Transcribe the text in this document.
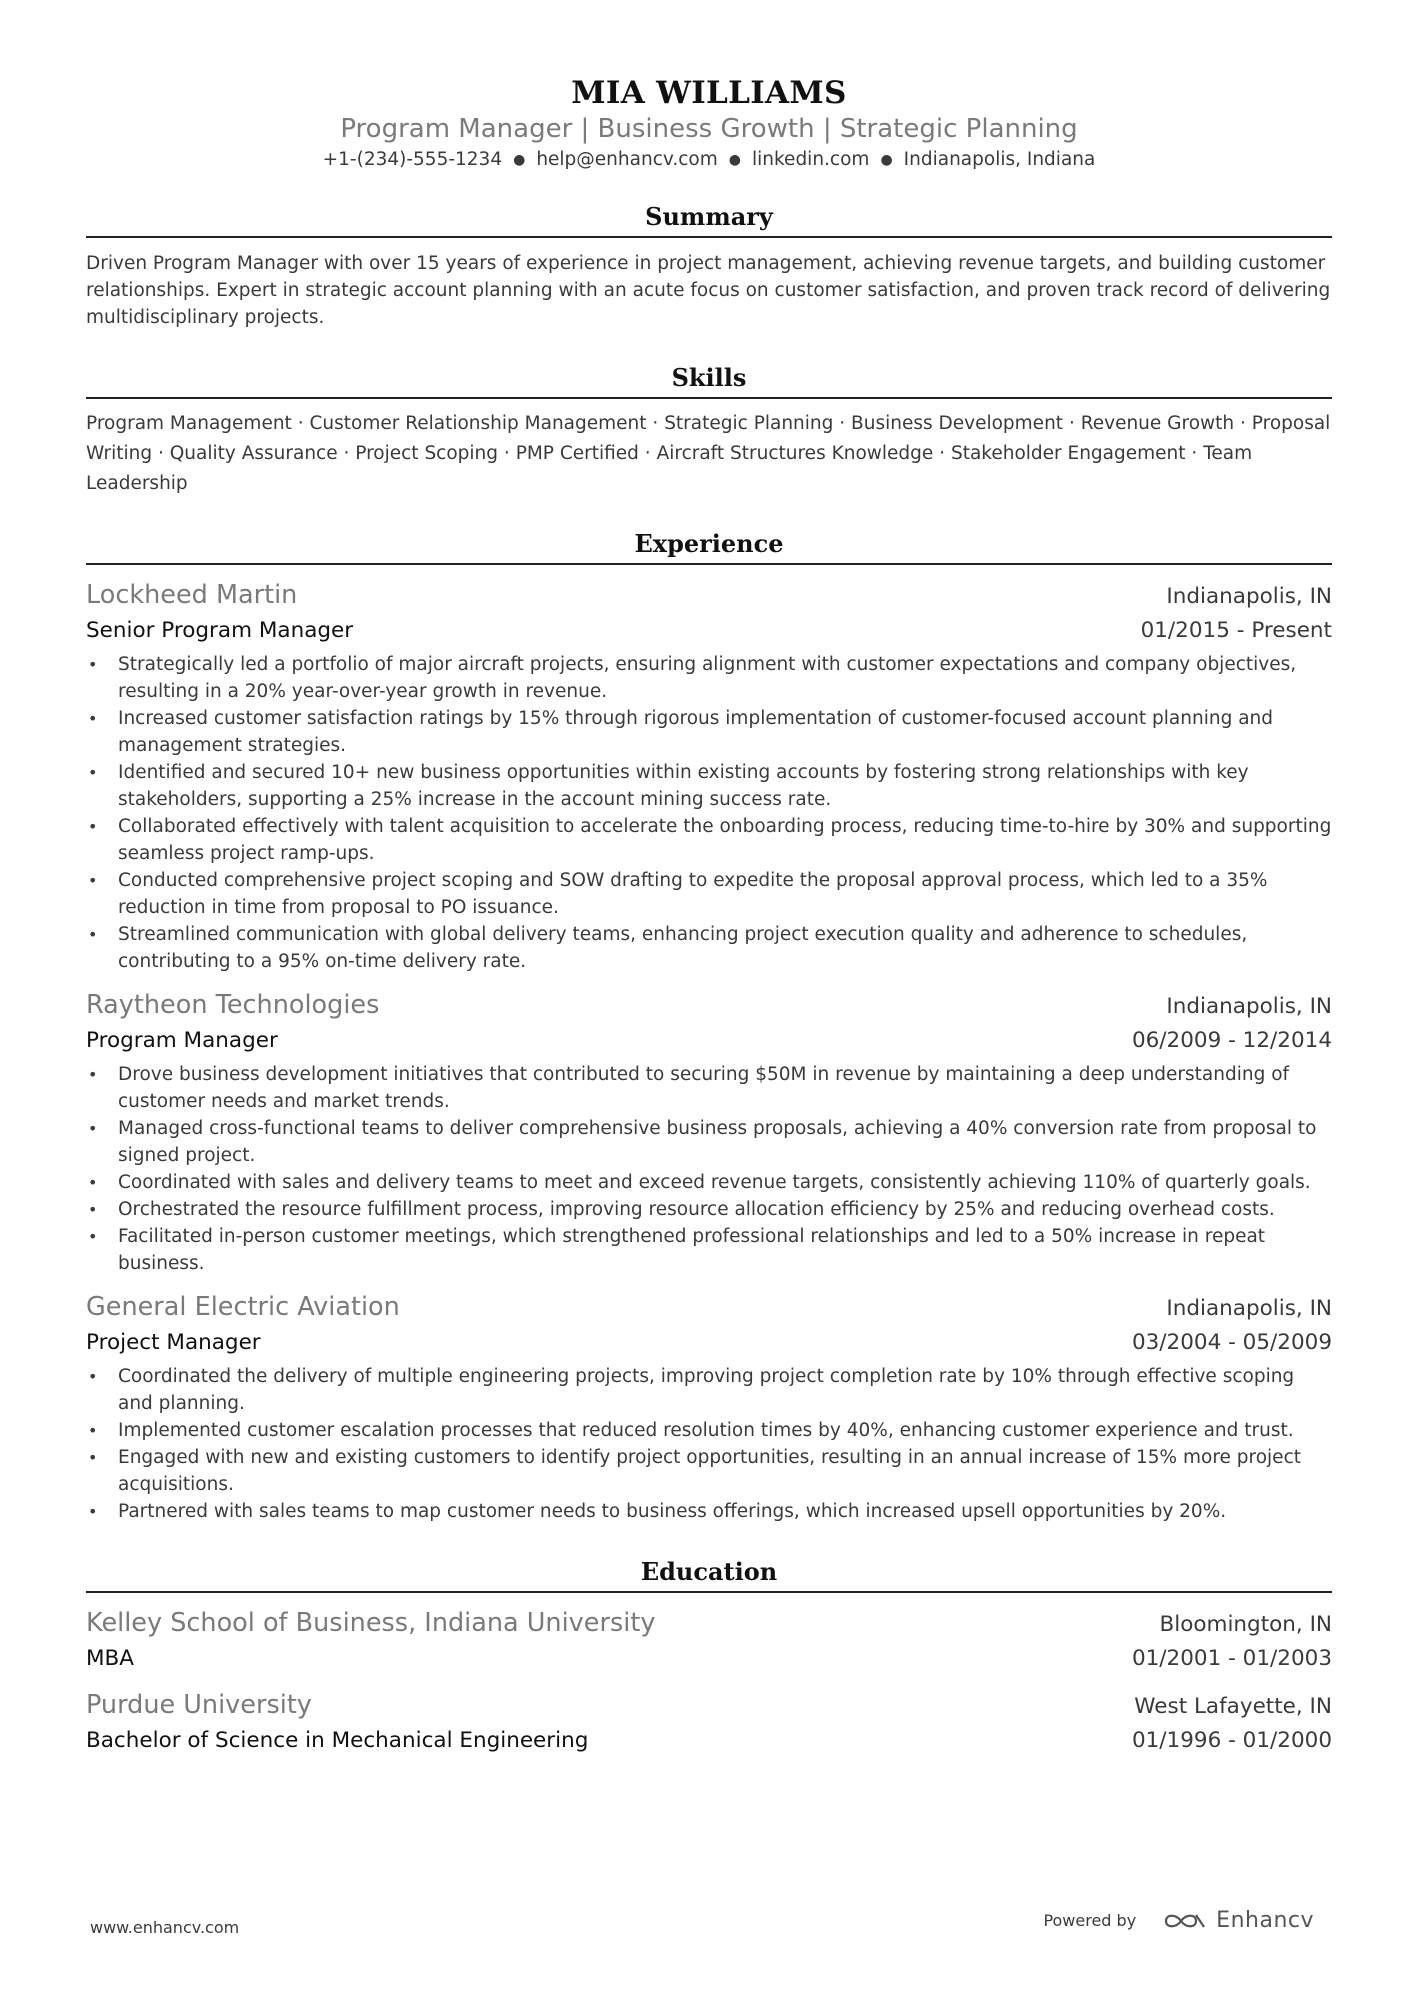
MIA WILLIAMS
Program Manager | Business Growth | Strategic Planning
+1-(234)-555-1234 ● help@enhancv.com ● linkedin.com ● Indianapolis, Indiana
Summary
Driven Program Manager with over 15 years of experience in project management, achieving revenue targets, and building customer relationships. Expert in strategic account planning with an acute focus on customer satisfaction, and proven track record of delivering multidisciplinary projects.
Skills
Program Management · Customer Relationship Management · Strategic Planning · Business Development · Revenue Growth · Proposal Writing · Quality Assurance · Project Scoping · PMP Certified · Aircraft Structures Knowledge · Stakeholder Engagement · Team Leadership
Experience
Lockheed Martin	Indianapolis, IN
Senior Program Manager	01/2015 - Present
• Strategically led a portfolio of major aircraft projects, ensuring alignment with customer expectations and company objectives, resulting in a 20% year-over-year growth in revenue.
• Increased customer satisfaction ratings by 15% through rigorous implementation of customer-focused account planning and management strategies.
• Identified and secured 10+ new business opportunities within existing accounts by fostering strong relationships with key stakeholders, supporting a 25% increase in the account mining success rate.
• Collaborated effectively with talent acquisition to accelerate the onboarding process, reducing time-to-hire by 30% and supporting seamless project ramp-ups.
• Conducted comprehensive project scoping and SOW drafting to expedite the proposal approval process, which led to a 35% reduction in time from proposal to PO issuance.
• Streamlined communication with global delivery teams, enhancing project execution quality and adherence to schedules, contributing to a 95% on-time delivery rate.
Raytheon Technologies	Indianapolis, IN
Program Manager	06/2009 - 12/2014
• Drove business development initiatives that contributed to securing $50M in revenue by maintaining a deep understanding of customer needs and market trends.
• Managed cross-functional teams to deliver comprehensive business proposals, achieving a 40% conversion rate from proposal to signed project.
• Coordinated with sales and delivery teams to meet and exceed revenue targets, consistently achieving 110% of quarterly goals.
• Orchestrated the resource fulfillment process, improving resource allocation efficiency by 25% and reducing overhead costs.
• Facilitated in-person customer meetings, which strengthened professional relationships and led to a 50% increase in repeat business.
General Electric Aviation	Indianapolis, IN
Project Manager	03/2004 - 05/2009
• Coordinated the delivery of multiple engineering projects, improving project completion rate by 10% through effective scoping and planning.
• Implemented customer escalation processes that reduced resolution times by 40%, enhancing customer experience and trust.
• Engaged with new and existing customers to identify project opportunities, resulting in an annual increase of 15% more project acquisitions.
• Partnered with sales teams to map customer needs to business offerings, which increased upsell opportunities by 20%.
Education
Kelley School of Business, Indiana University	Bloomington, IN
MBA	01/2001 - 01/2003
Purdue University	West Lafayette, IN
Bachelor of Science in Mechanical Engineering	01/1996 - 01/2000
www.enhancv.com	Powered by	Enhancv
